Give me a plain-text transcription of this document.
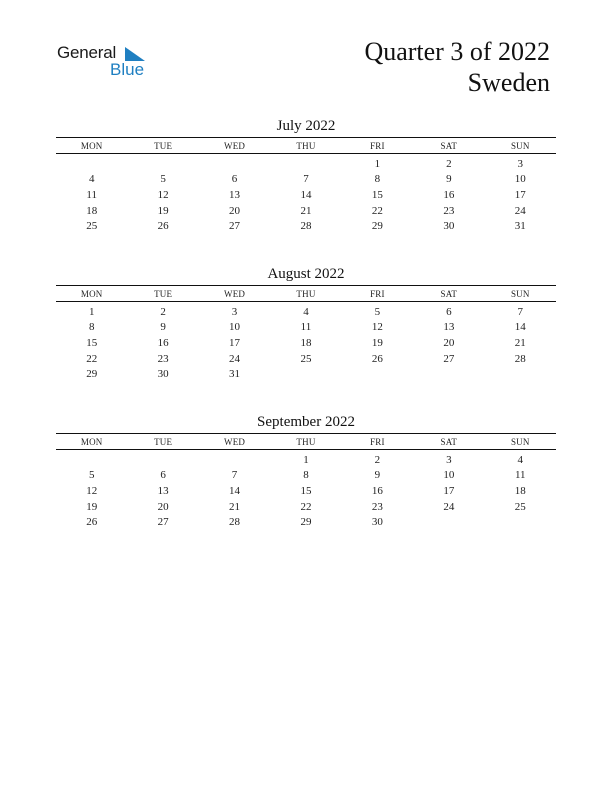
General
Blue
Quarter 3 of 2022
Sweden
July 2022
MON	TUE	WED	THU	FRI	SAT	SUN
				1	2	3
4	5	6	7	8	9	10
11	12	13	14	15	16	17
18	19	20	21	22	23	24
25	26	27	28	29	30	31
August 2022
MON	TUE	WED	THU	FRI	SAT	SUN
1	2	3	4	5	6	7
8	9	10	11	12	13	14
15	16	17	18	19	20	21
22	23	24	25	26	27	28
29	30	31				
September 2022
MON	TUE	WED	THU	FRI	SAT	SUN
			1	2	3	4
5	6	7	8	9	10	11
12	13	14	15	16	17	18
19	20	21	22	23	24	25
26	27	28	29	30		
